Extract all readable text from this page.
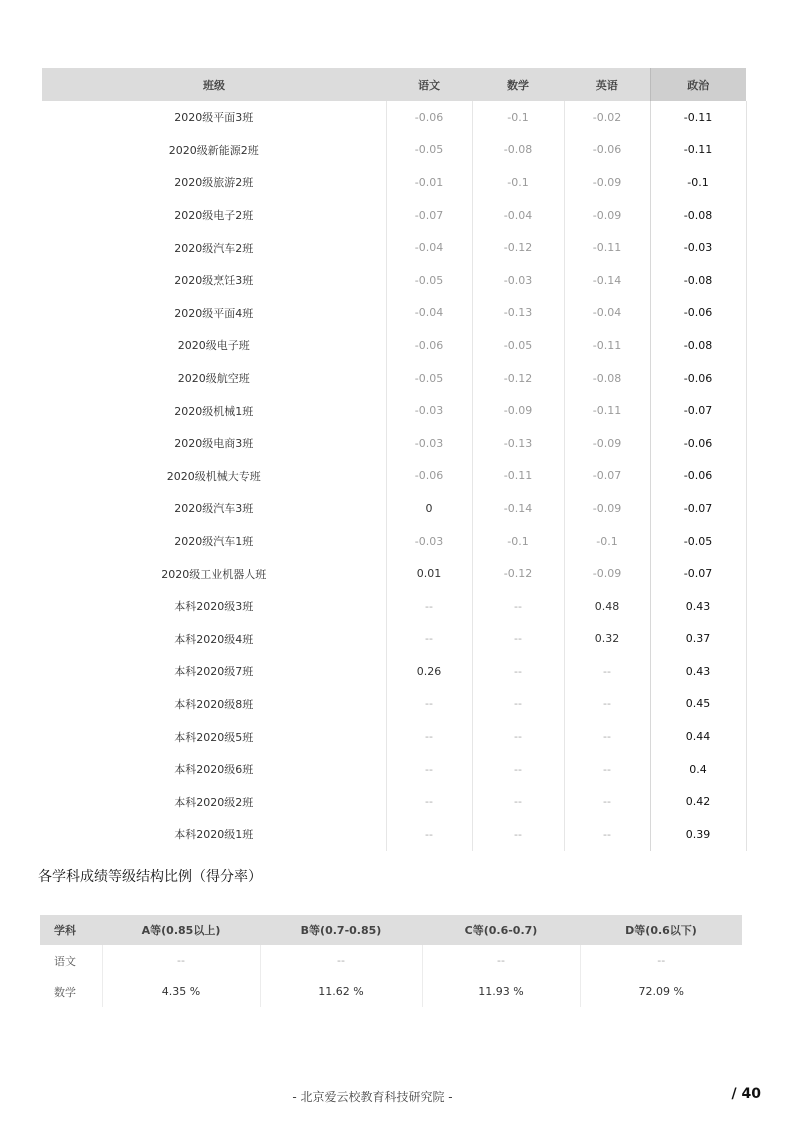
班级	语文	数学	英语	政治
2020级平面3班	-0.06	-0.1	-0.02	-0.11
2020级新能源2班	-0.05	-0.08	-0.06	-0.11
2020级旅游2班	-0.01	-0.1	-0.09	-0.1
2020级电子2班	-0.07	-0.04	-0.09	-0.08
2020级汽车2班	-0.04	-0.12	-0.11	-0.03
2020级烹饪3班	-0.05	-0.03	-0.14	-0.08
2020级平面4班	-0.04	-0.13	-0.04	-0.06
2020级电子班	-0.06	-0.05	-0.11	-0.08
2020级航空班	-0.05	-0.12	-0.08	-0.06
2020级机械1班	-0.03	-0.09	-0.11	-0.07
2020级电商3班	-0.03	-0.13	-0.09	-0.06
2020级机械大专班	-0.06	-0.11	-0.07	-0.06
2020级汽车3班	0	-0.14	-0.09	-0.07
2020级汽车1班	-0.03	-0.1	-0.1	-0.05
2020级工业机器人班	0.01	-0.12	-0.09	-0.07
本科2020级3班	--	--	0.48	0.43
本科2020级4班	--	--	0.32	0.37
本科2020级7班	0.26	--	--	0.43
本科2020级8班	--	--	--	0.45
本科2020级5班	--	--	--	0.44
本科2020级6班	--	--	--	0.4
本科2020级2班	--	--	--	0.42
本科2020级1班	--	--	--	0.39
各学科成绩等级结构比例（得分率）
学科	A等(0.85以上)	B等(0.7-0.85)	C等(0.6-0.7)	D等(0.6以下)
语文	--	--	--	--
数学	4.35 %	11.62 %	11.93 %	72.09 %
- 北京爱云校教育科技研究院 -	/ 40
